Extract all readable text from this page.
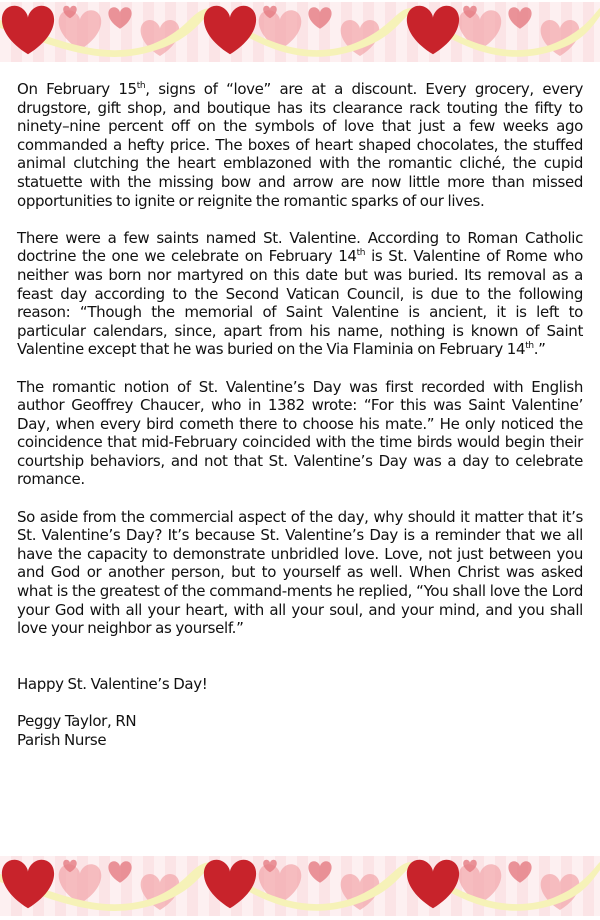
On February 15th, signs of “love” are at a discount. Every grocery, every drugstore, gift shop, and boutique has its clearance rack touting the fifty to ninety–nine percent off on the symbols of love that just a few weeks ago commanded a hefty price. The boxes of heart shaped chocolates, the stuffed animal clutching the heart emblazoned with the romantic cliché, the cupid statuette with the missing bow and arrow are now little more than missed opportunities to ignite or reignite the romantic sparks of our lives.

There were a few saints named St. Valentine. According to Roman Catholic doctrine the one we celebrate on February 14th is St. Valentine of Rome who neither was born nor martyred on this date but was buried. Its removal as a feast day according to the Second Vatican Council, is due to the following reason: “Though the memorial of Saint Valentine is ancient, it is left to particular calendars, since, apart from his name, nothing is known of Saint Valentine except that he was buried on the Via Flaminia on February 14th.”

The romantic notion of St. Valentine’s Day was first recorded with English author Geoffrey Chaucer, who in 1382 wrote: “For this was Saint Valentine’ Day, when every bird cometh there to choose his mate.” He only noticed the coincidence that mid-February coincided with the time birds would begin their courtship behaviors, and not that St. Valentine’s Day was a day to celebrate romance.

So aside from the commercial aspect of the day, why should it matter that it’s St. Valentine’s Day? It’s because St. Valentine’s Day is a reminder that we all have the capacity to demonstrate unbridled love. Love, not just between you and God or another person, but to yourself as well. When Christ was asked what is the greatest of the command-ments he replied, “You shall love the Lord your God with all your heart, with all your soul, and your mind, and you shall love your neighbor as yourself.”

Happy St. Valentine’s Day!

Peggy Taylor, RN

Parish Nurse
